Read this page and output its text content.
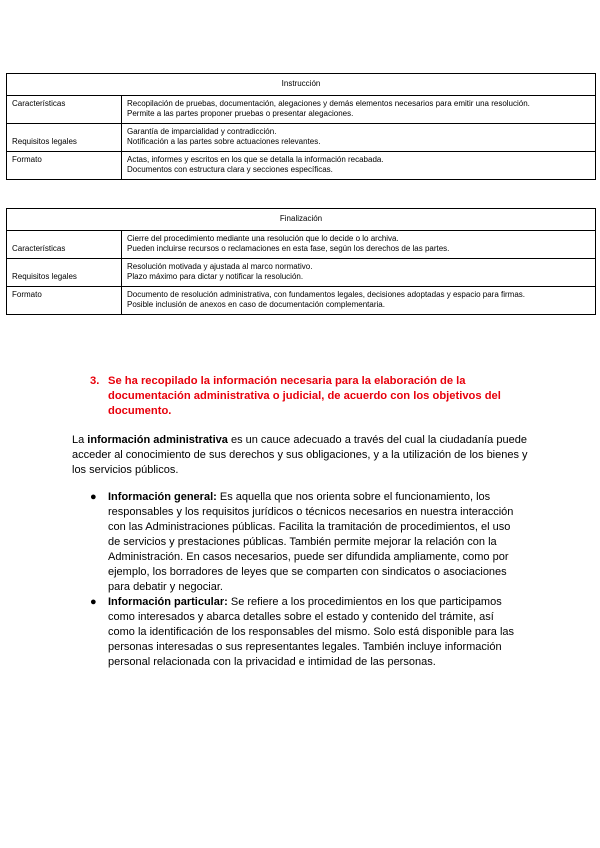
Instrucción	
Características	Recopilación de pruebas, documentación, alegaciones y demás elementos necesarios para emitir una resolución.
Permite a las partes proponer pruebas o presentar alegaciones.

Requisitos legales	Garantía de imparcialidad y contradicción.
Notificación a las partes sobre actuaciones relevantes.

Formato	Actas, informes y escritos en los que se detalla la información recabada.
Documentos con estructura clara y secciones específicas.
Finalización	
Características	Cierre del procedimiento mediante una resolución que lo decide o lo archiva.
Pueden incluirse recursos o reclamaciones en esta fase, según los derechos de las partes.

Requisitos legales	Resolución motivada y ajustada al marco normativo.
Plazo máximo para dictar y notificar la resolución.

Formato	Documento de resolución administrativa, con fundamentos legales, decisiones adoptadas y espacio para firmas.
Posible inclusión de anexos en caso de documentación complementaria.
3. Se ha recopilado la información necesaria para la elaboración de la documentación administrativa o judicial, de acuerdo con los objetivos del documento.

La información administrativa es un cauce adecuado a través del cual la ciudadanía puede acceder al conocimiento de sus derechos y sus obligaciones, y a la utilización de los bienes y los servicios públicos.

● Información general: Es aquella que nos orienta sobre el funcionamiento, los responsables y los requisitos jurídicos o técnicos necesarios en nuestra interacción con las Administraciones públicas. Facilita la tramitación de procedimientos, el uso de servicios y prestaciones públicas. También permite mejorar la relación con la Administración. En casos necesarios, puede ser difundida ampliamente, como por ejemplo, los borradores de leyes que se comparten con sindicatos o asociaciones para debatir y negociar.
● Información particular: Se refiere a los procedimientos en los que participamos como interesados y abarca detalles sobre el estado y contenido del trámite, así como la identificación de los responsables del mismo. Solo está disponible para las personas interesadas o sus representantes legales. También incluye información personal relacionada con la privacidad e intimidad de las personas.
